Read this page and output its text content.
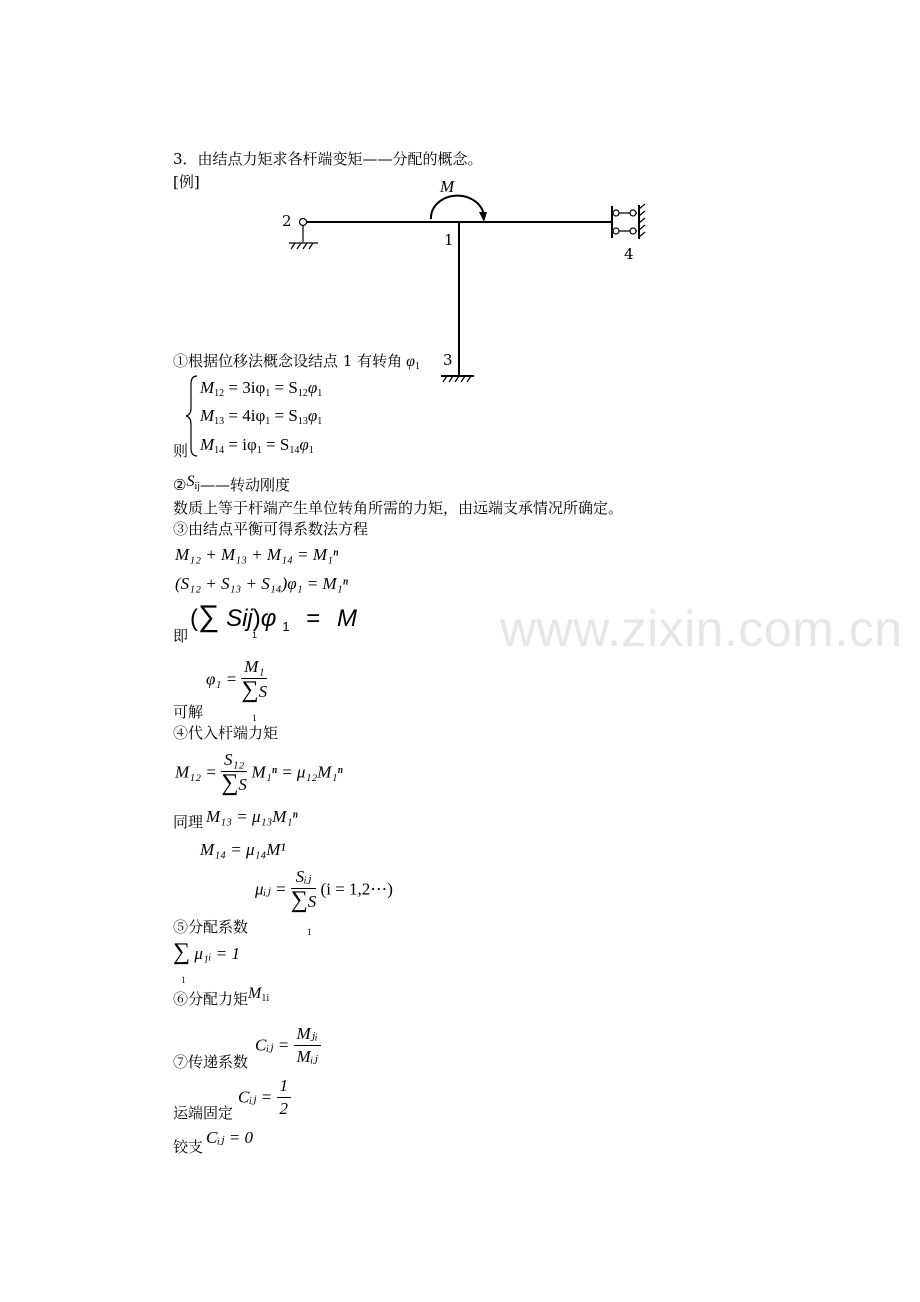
www.zixin.com.cn
M
2
1
4
3
3．由结点力矩求各杆端变矩——分配的概念。
[例]
①根据位移法概念设结点 1 有转角 $\varphi_1$
则
$M_{12} = 3i\varphi_1 = S_{12}\varphi_1$
$M_{13} = 4i\varphi_1 = S_{13}\varphi_1$
$M_{14} = i\varphi_1 = S_{14}\varphi_1$
$②S_{ij}——$转动刚度
数质上等于杆端产生单位转角所需的力矩，由远端支承情况所确定。
③由结点平衡可得系数法方程
M₁₂ + M₁₃ + M₁₄ = M₁ⁿ
(S₁₂ + S₁₃ + S₁₄)φ₁ = M₁ⁿ
即
(∑ Sij
1
)φ $_1$ = M
$\varphi_1 = \frac{\text{M₁}}{\sum S}$
1
可解
④代入杆端力矩
$M_{12} = \frac{\text{S₁₂}}{\sum S} M_1^n = \mu_{12}M_1^n$
同理 M₁₃ = μ₁₃M₁ⁿ
M₁₄ = μ₁₄M¹
μᵢⱼ = $\frac{\text{Sᵢⱼ}}{\sum S}$

1
(i = 1,2⋯)
⑤分配系数
∑
1
μ₁ᵢ = 1
⑥分配力矩$M_{1i}$
Cᵢⱼ = $\frac{\text{Mⱼᵢ}}{\text{Mᵢⱼ}}$
⑦传递系数
运端固定
Cᵢⱼ = $\frac{1}{2}$
铰支 Cᵢⱼ = 0
